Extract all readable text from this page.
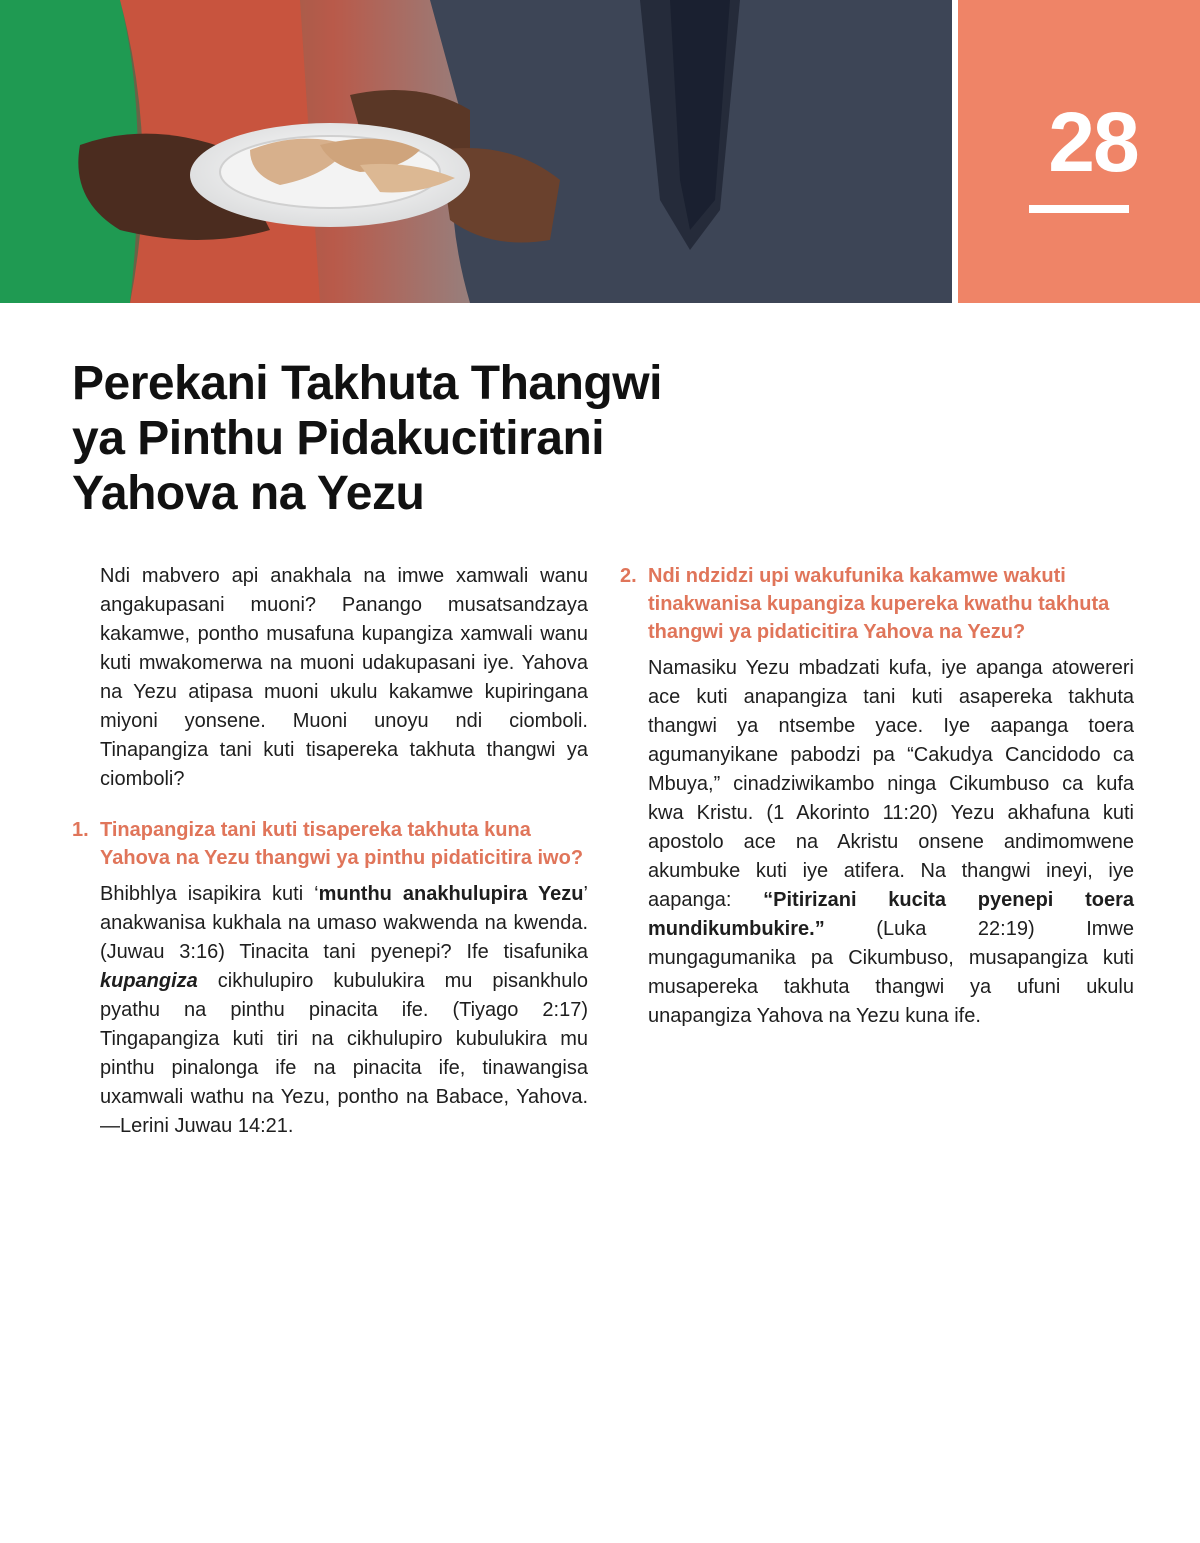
28
Perekani Takhuta Thangwi
ya Pinthu Pidakucitirani
Yahova na Yezu

Ndi mabvero api anakhala na imwe xamwali wanu angakupasani muoni? Panango musatsandzaya kakamwe, pontho musafuna kupangiza xamwali wanu kuti mwakomerwa na muoni udakupasani iye. Yahova na Yezu atipasa muoni ukulu kakamwe kupiringana miyoni yonsene. Muoni unoyu ndi ciomboli. Tinapangiza tani kuti tisapereka takhuta thangwi ya ciomboli?

1. Tinapangiza tani kuti tisapereka takhuta kuna Yahova na Yezu thangwi ya pinthu pidaticitira iwo?

Bhibhlya isapikira kuti ‘munthu anakhulupira Yezu’ anakwanisa kukhala na umaso wakwenda na kwenda. (Juwau 3:16) Tinacita tani pyenepi? Ife tisafunika kupangiza cikhulupiro kubulukira mu pisankhulo pyathu na pinthu pinacita ife. (Tiyago 2:17) Tingapangiza kuti tiri na cikhulupiro kubulukira mu pinthu pinalonga ife na pinacita ife, tinawangisa uxamwali wathu na Yezu, pontho na Babace, Yahova.—Lerini Juwau 14:21.

2. Ndi ndzidzi upi wakufunika kakamwe wakuti tinakwanisa kupangiza kupereka kwathu takhuta thangwi ya pidaticitira Yahova na Yezu?

Namasiku Yezu mbadzati kufa, iye apanga atowereri ace kuti anapangiza tani kuti asapereka takhuta thangwi ya ntsembe yace. Iye aapanga toera agumanyikane pabodzi pa “Cakudya Cancidodo ca Mbuya,” cinadziwikambo ninga Cikumbuso ca kufa kwa Kristu. (1 Akorinto 11:20) Yezu akhafuna kuti apostolo ace na Akristu onsene andimomwene akumbuke kuti iye atifera. Na thangwi ineyi, iye aapanga: “Pitirizani kucita pyenepi toera mundikumbukire.” (Luka 22:19) Imwe mungagumanika pa Cikumbuso, musapangiza kuti musapereka takhuta thangwi ya ufuni ukulu unapangiza Yahova na Yezu kuna ife.
